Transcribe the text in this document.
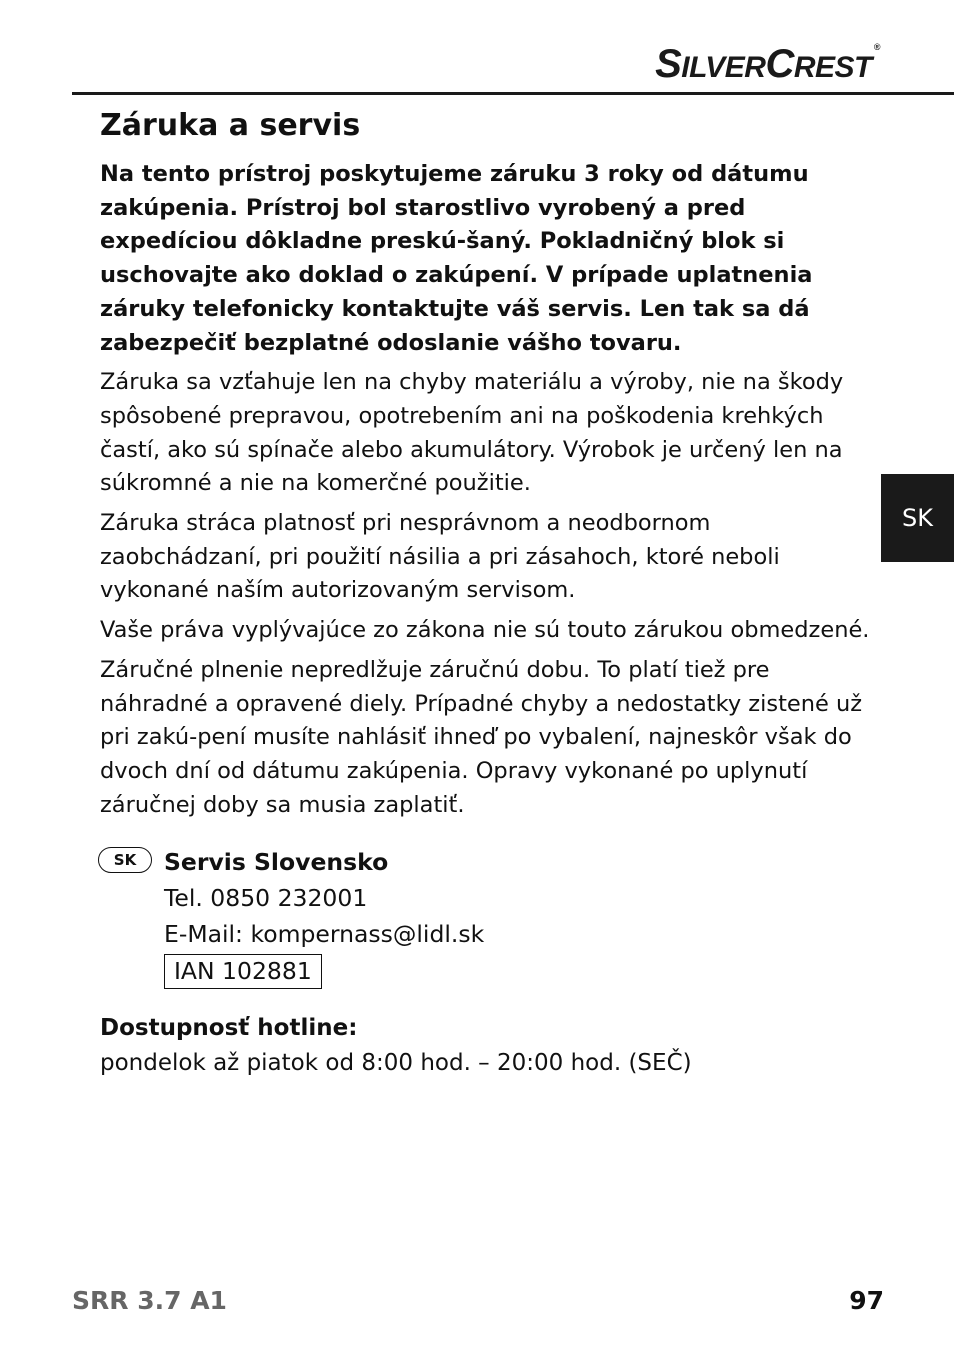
SILVERCREST®
SK
Záruka a servis

Na tento prístroj poskytujeme záruku 3 roky od dátumu zakúpenia. Prístroj bol starostlivo vyrobený a pred expedíciou dôkladne preskú-šaný. Pokladničný blok si uschovajte ako doklad o zakúpení. V prípade uplatnenia záruky telefonicky kontaktujte váš servis. Len tak sa dá zabezpečiť bezplatné odoslanie vášho tovaru.

Záruka sa vzťahuje len na chyby materiálu a výroby, nie na škody spôsobené prepravou, opotrebením ani na poškodenia krehkých častí, ako sú spínače alebo akumulátory. Výrobok je určený len na súkromné a nie na komerčné použitie.

Záruka stráca platnosť pri nesprávnom a neodbornom zaobchádzaní, pri použití násilia a pri zásahoch, ktoré neboli vykonané naším autorizovaným servisom.

Vaše práva vyplývajúce zo zákona nie sú touto zárukou obmedzené.

Záručné plnenie nepredlžuje záručnú dobu. To platí tiež pre náhradné a opravené diely. Prípadné chyby a nedostatky zistené už pri zakú-pení musíte nahlásiť ihneď po vybalení, najneskôr však do dvoch dní od dátumu zakúpenia. Opravy vykonané po uplynutí záručnej doby sa musia zaplatiť.

SK	Servis Slovensko
Tel. 0850 232001
E-Mail: kompernass@lidl.sk
IAN 102881
Dostupnosť hotline:
pondelok až piatok od 8:00 hod. – 20:00 hod. (SEČ)
SRR 3.7 A1	97
